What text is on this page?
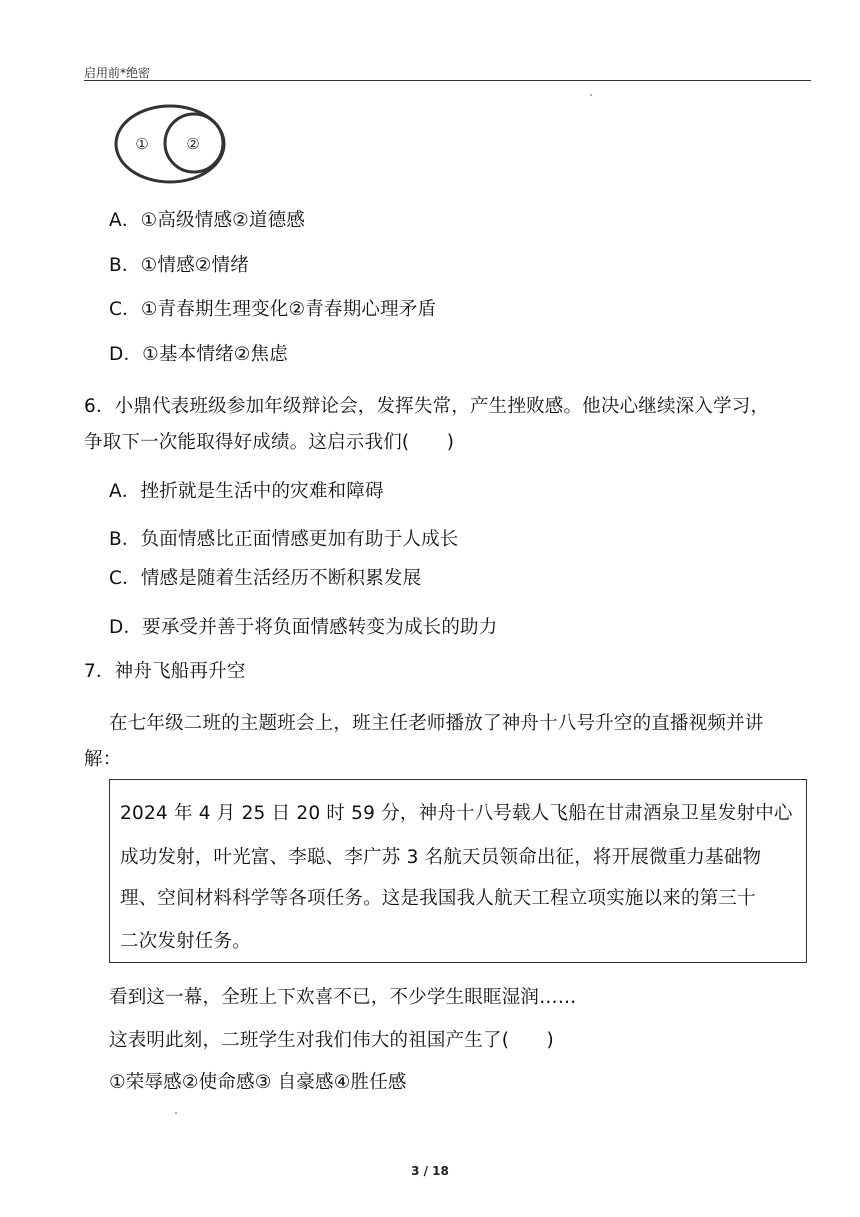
启用前*绝密
①	②
A．①高级情感②道德感
B．①情感②情绪
C．①青春期生理变化②青春期心理矛盾
D．①基本情绪②焦虑
6．小鼎代表班级参加年级辩论会，发挥失常，产生挫败感。他决心继续深入学习，
争取下一次能取得好成绩。这启示我们(　　)
A．挫折就是生活中的灾难和障碍
B．负面情感比正面情感更加有助于人成长
C．情感是随着生活经历不断积累发展
D．要承受并善于将负面情感转变为成长的助力
7．神舟飞船再升空
在七年级二班的主题班会上，班主任老师播放了神舟十八号升空的直播视频并讲
解：
2024 年 4 月 25 日 20 时 59 分，神舟十八号载人飞船在甘肃酒泉卫星发射中心
成功发射，叶光富、李聪、李广苏 3 名航天员领命出征，将开展微重力基础物
理、空间材料科学等各项任务。这是我国我人航天工程立项实施以来的第三十
二次发射任务。
看到这一幕，全班上下欢喜不已，不少学生眼眶湿润……
这表明此刻，二班学生对我们伟大的祖国产生了(　　)
①荣辱感②使命感③ 自豪感④胜任感
3 / 18
